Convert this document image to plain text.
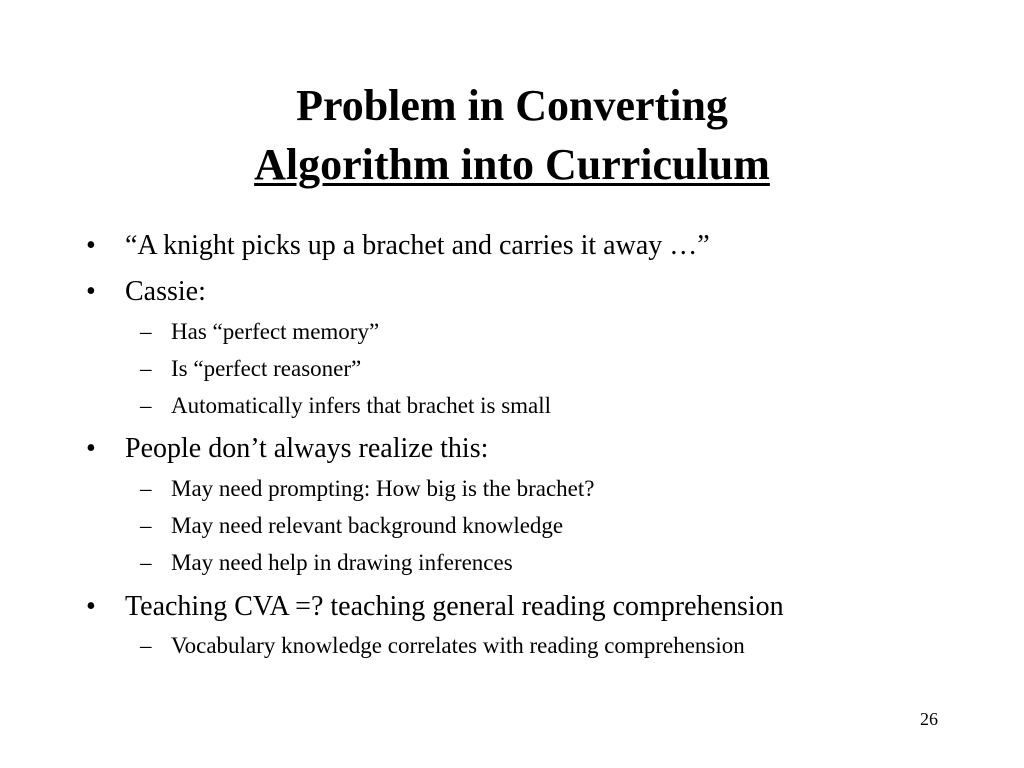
Problem in Converting
Algorithm into Curriculum
• “A knight picks up a brachet and carries it away …”
• Cassie:
– Has “perfect memory”
– Is “perfect reasoner”
– Automatically infers that brachet is small
• People don’t always realize this:
– May need prompting: How big is the brachet?
– May need relevant background knowledge
– May need help in drawing inferences
• Teaching CVA =? teaching general reading comprehension
– Vocabulary knowledge correlates with reading comprehension
26
